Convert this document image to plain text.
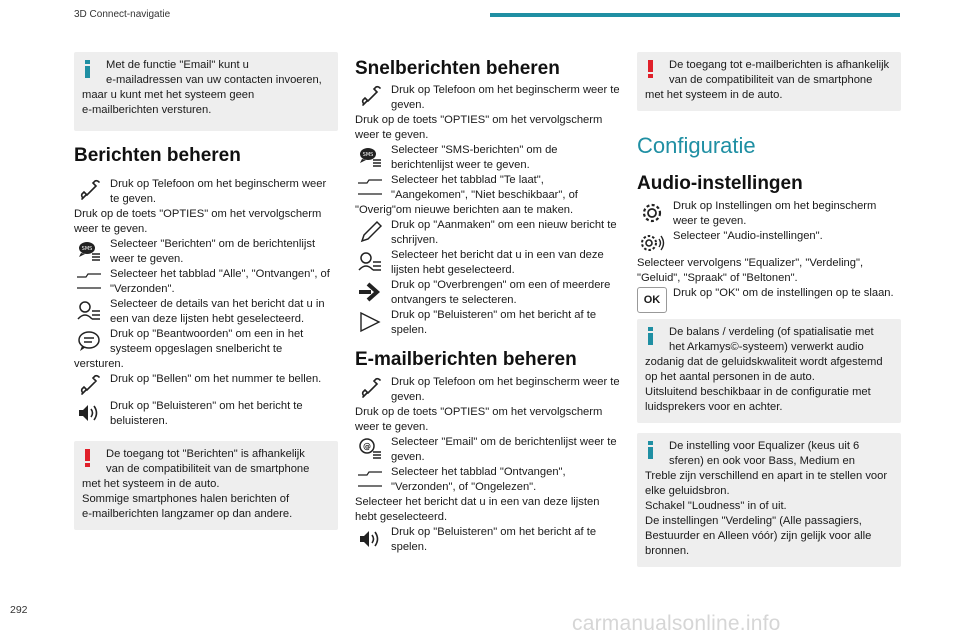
3D Connect-navigatie

Met de functie "Email" kunt u

e-mailadressen van uw contacten invoeren,

maar u kunt met het systeem geen

e-mailberichten versturen.

Berichten beheren
Druk op Telefoon om het beginscherm weer te geven.
Druk op de toets "OPTIES" om het vervolgscherm weer te geven.
Selecteer "Berichten" om de berichtenlijst weer te geven.
Selecteer het tabblad "Alle", "Ontvangen", of "Verzonden".
Selecteer de details van het bericht dat u in een van deze lijsten hebt geselecteerd.
Druk op "Beantwoorden" om een in het systeem opgeslagen snelbericht te
versturen.
Druk op "Bellen" om het nummer te bellen.
Druk op "Beluisteren" om het bericht te beluisteren.

De toegang tot "Berichten" is afhankelijk

van de compatibiliteit van de smartphone

met het systeem in de auto.

Sommige smartphones halen berichten of

e-mailberichten langzamer op dan andere.

Snelberichten beheren
Druk op Telefoon om het beginscherm weer te geven.
Druk op de toets "OPTIES" om het vervolgscherm weer te geven.
Selecteer "SMS-berichten" om de berichtenlijst weer te geven.
Selecteer het tabblad "Te laat", "Aangekomen", "Niet beschikbaar", of
"Overig"om nieuwe berichten aan te maken.
Druk op "Aanmaken" om een nieuw bericht te schrijven.
Selecteer het bericht dat u in een van deze lijsten hebt geselecteerd.
Druk op "Overbrengen" om een of meerdere ontvangers te selecteren.
Druk op "Beluisteren" om het bericht af te spelen.
E-mailberichten beheren
Druk op Telefoon om het beginscherm weer te geven.
Druk op de toets "OPTIES" om het vervolgscherm weer te geven.
Selecteer "Email" om de berichtenlijst weer te geven.
Selecteer het tabblad "Ontvangen", "Verzonden", of "Ongelezen".
Selecteer het bericht dat u in een van deze lijsten hebt geselecteerd.
Druk op "Beluisteren" om het bericht af te spelen.

De toegang tot e-mailberichten is afhankelijk

van de compatibiliteit van de smartphone

met het systeem in de auto.

Configuratie
Audio-instellingen
Druk op Instellingen om het beginscherm weer te geven.
Selecteer "Audio-instellingen".
Selecteer vervolgens "Equalizer", "Verdeling", "Geluid", "Spraak" of "Beltonen".
OK
Druk op "OK" om de instellingen op te slaan.

De balans / verdeling (of spatialisatie met

het Arkamys©-systeem) verwerkt audio

zodanig dat de geluidskwaliteit wordt afgestemd

op het aantal personen in de auto.

Uitsluitend beschikbaar in de configuratie met

luidsprekers voor en achter.

De instelling voor Equalizer (keus uit 6

sferen) en ook voor Bass, Medium en

Treble zijn verschillend en apart in te stellen voor

elke geluidsbron.

Schakel "Loudness" in of uit.

De instellingen "Verdeling" (Alle passagiers,

Bestuurder en Alleen vóór) zijn gelijk voor alle

bronnen.

292
carmanualsonline.info
